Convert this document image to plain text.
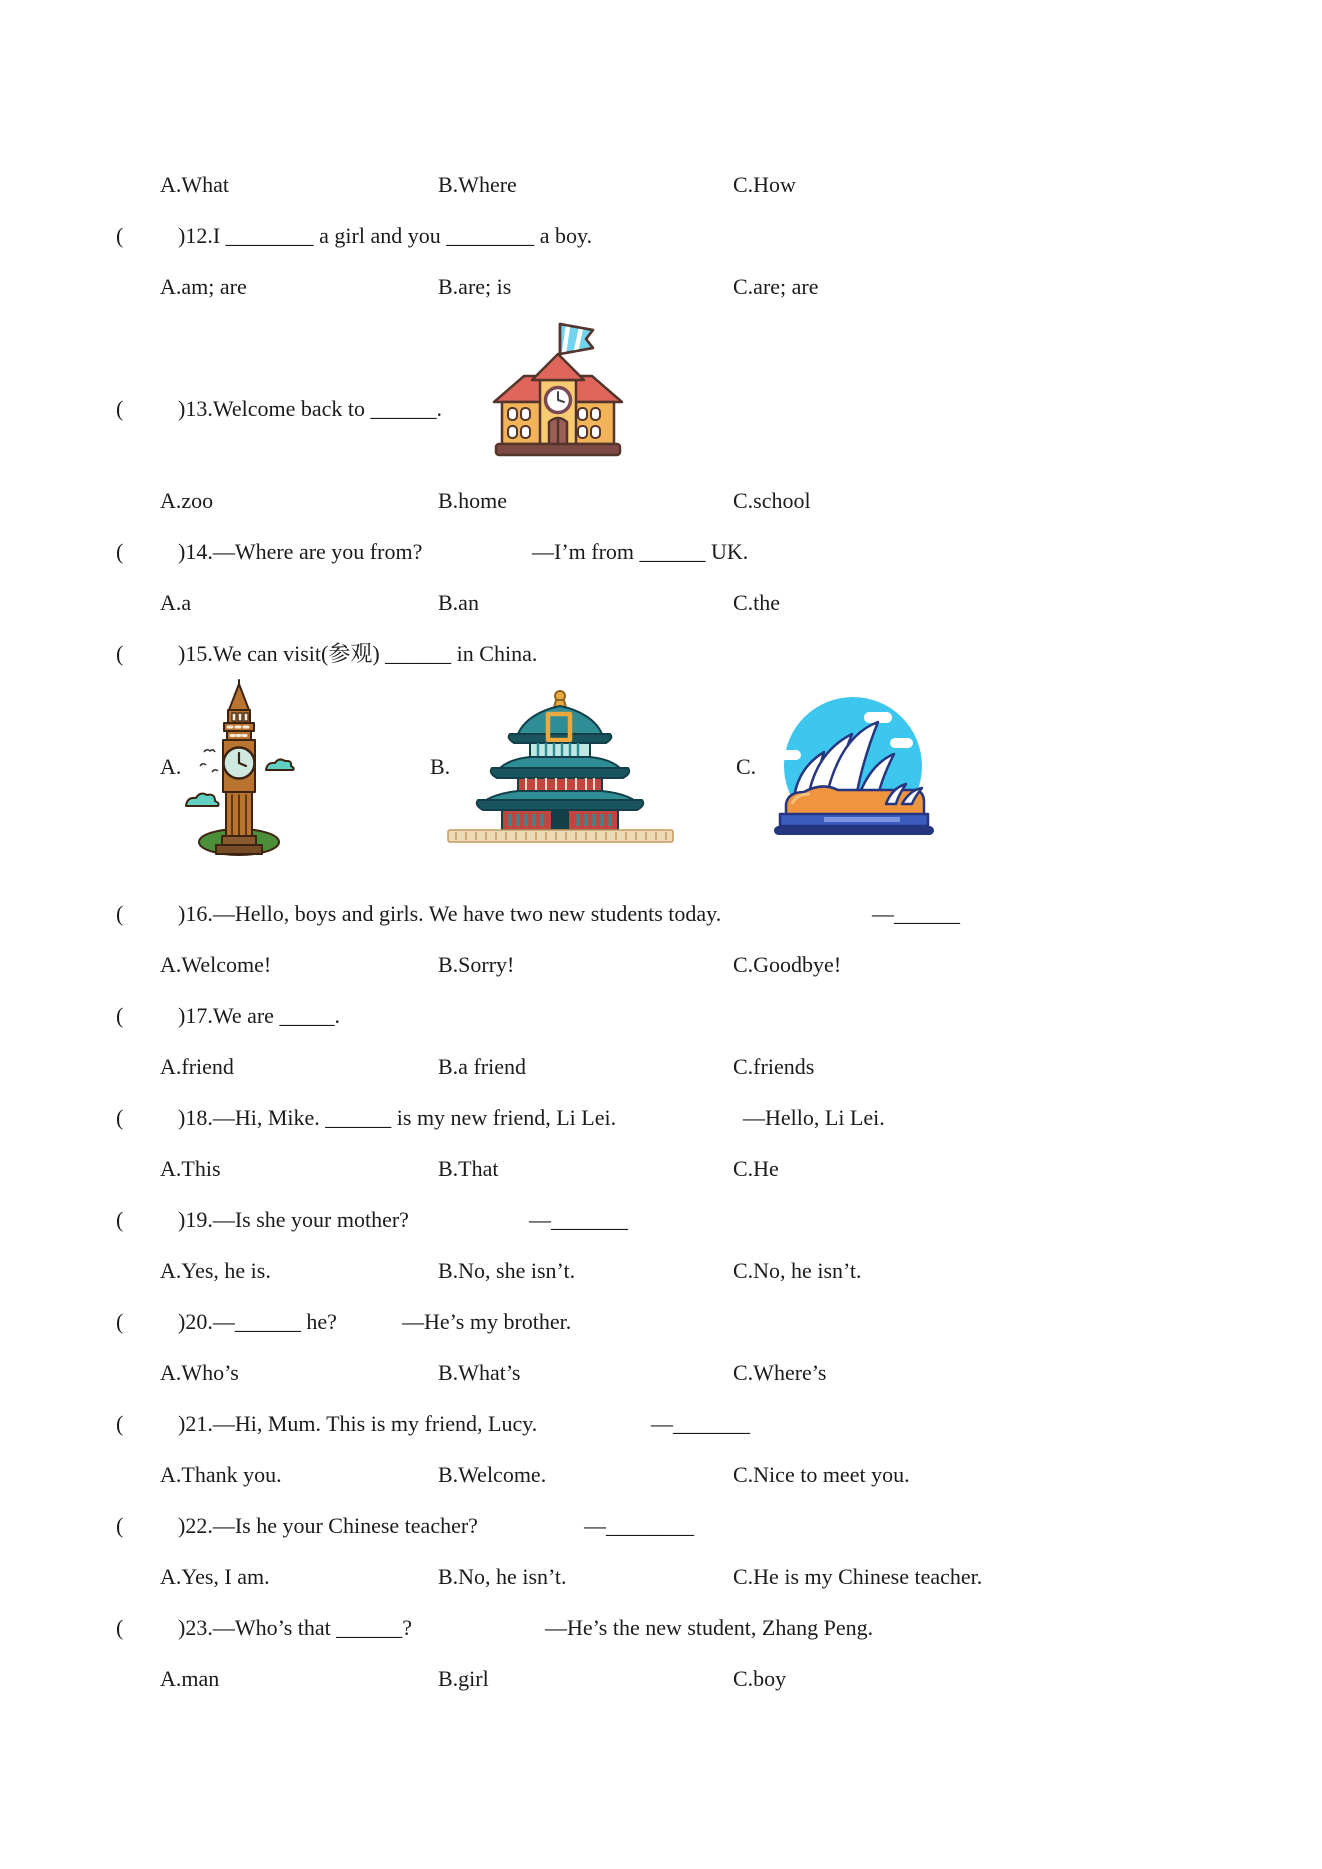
A.What	B.Where	C.How
( )12.I ________ a girl and you ________ a boy.
A.am; are	B.are; is	C.are; are
( )13.Welcome back to ______.
A.zoo	B.home	C.school
( )14.—Where are you from?	—I’m from ______ UK.
A.a	B.an	C.the
( )15.We can visit(参观) ______ in China.
A.	B.	C.
( )16.—Hello, boys and girls. We have two new students today.	—______
A.Welcome!	B.Sorry!	C.Goodbye!
( )17.We are _____.
A.friend	B.a friend	C.friends
( )18.—Hi, Mike. ______ is my new friend, Li Lei.	—Hello, Li Lei.
A.This	B.That	C.He
( )19.—Is she your mother?	—_______
A.Yes, he is.	B.No, she isn’t.	C.No, he isn’t.
( )20.—______ he?	—He’s my brother.
A.Who’s	B.What’s	C.Where’s
( )21.—Hi, Mum. This is my friend, Lucy.	—_______
A.Thank you.	B.Welcome.	C.Nice to meet you.
( )22.—Is he your Chinese teacher?	—________
A.Yes, I am.	B.No, he isn’t.	C.He is my Chinese teacher.
( )23.—Who’s that ______?	—He’s the new student, Zhang Peng.
A.man	B.girl	C.boy
